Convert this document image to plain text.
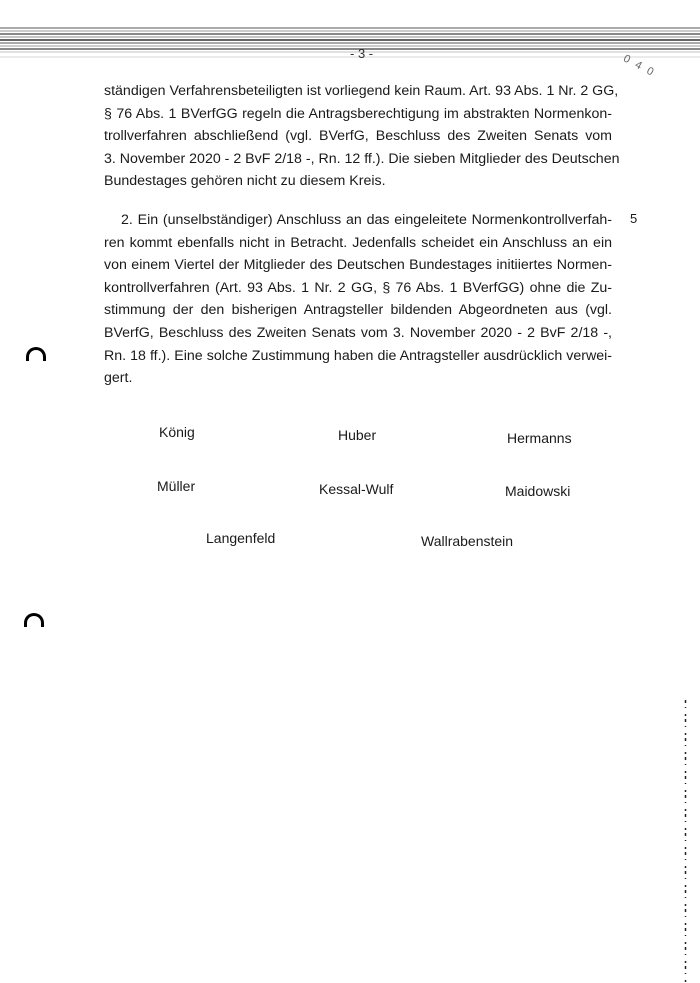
- 3 -	0 4 0
ständigen Verfahrensbeteiligten ist vorliegend kein Raum. Art. 93 Abs. 1 Nr. 2 GG,
§ 76 Abs. 1 BVerfGG regeln die Antragsberechtigung im abstrakten Normenkon-
trollverfahren abschließend (vgl. BVerfG, Beschluss des Zweiten Senats vom
3. November 2020 - 2 BvF 2/18 -, Rn. 12 ff.). Die sieben Mitglieder des Deutschen
Bundestages gehören nicht zu diesem Kreis.
2. Ein (unselbständiger) Anschluss an das eingeleitete Normenkontrollverfah-
ren kommt ebenfalls nicht in Betracht. Jedenfalls scheidet ein Anschluss an ein
von einem Viertel der Mitglieder des Deutschen Bundestages initiiertes Normen-
kontrollverfahren (Art. 93 Abs. 1 Nr. 2 GG, § 76 Abs. 1 BVerfGG) ohne die Zu-
stimmung der den bisherigen Antragsteller bildenden Abgeordneten aus (vgl.
BVerfG, Beschluss des Zweiten Senats vom 3. November 2020 - 2 BvF 2/18 -,
Rn. 18 ff.). Eine solche Zustimmung haben die Antragsteller ausdrücklich verwei-
gert.
5
König	Huber	Hermanns
Müller	Kessal-Wulf	Maidowski
Langenfeld	Wallrabenstein
